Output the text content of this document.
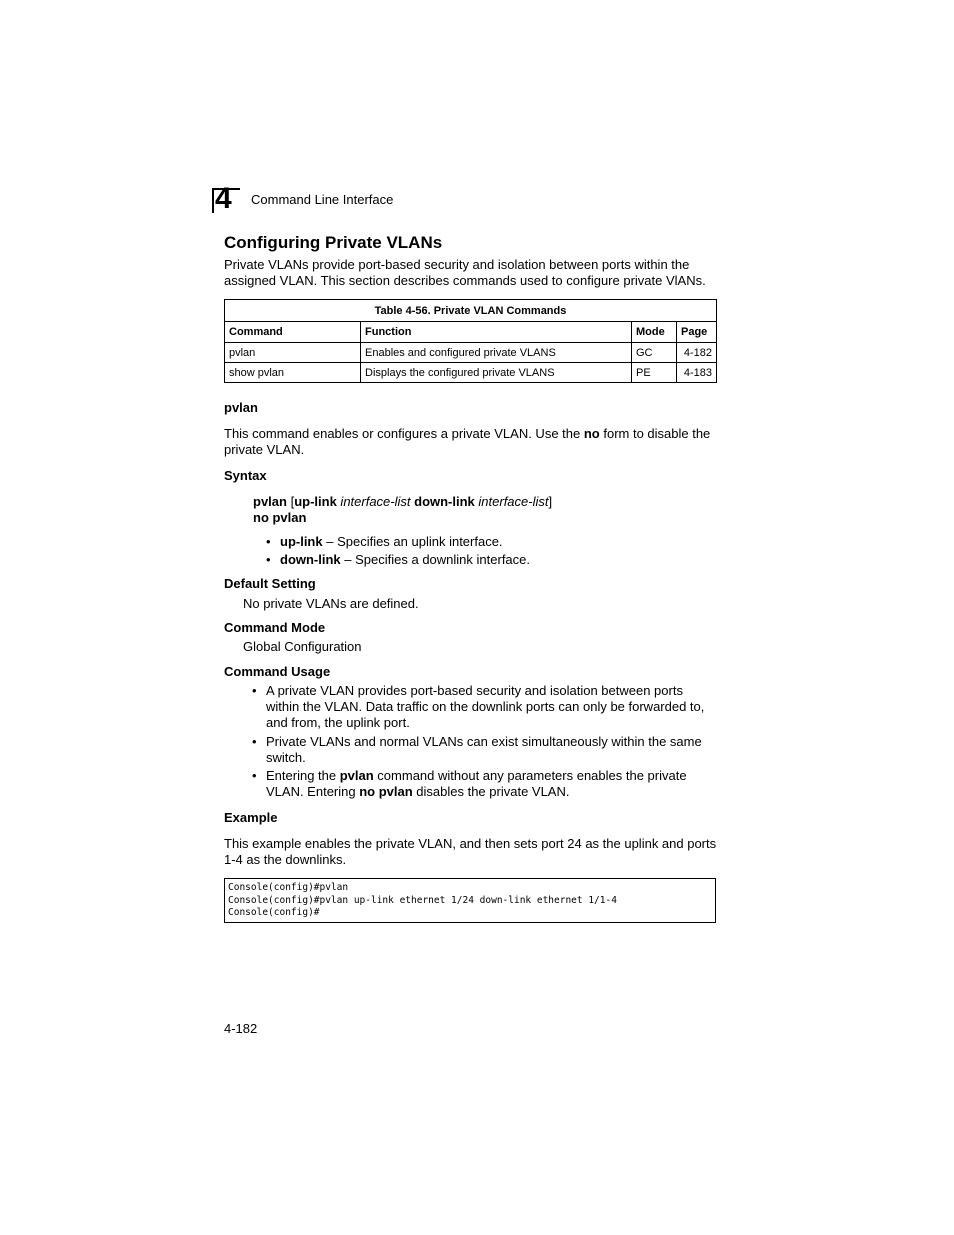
4 Command Line Interface
Configuring Private VLANs
Private VLANs provide port-based security and isolation between ports within the assigned VLAN. This section describes commands used to configure private VlANs.
Table 4-56. Private VLAN Commands			
Command	Function	Mode	Page
pvlan	Enables and configured private VLANS	GC	4-182
show pvlan	Displays the configured private VLANS	PE	4-183
pvlan
This command enables or configures a private VLAN. Use the no form to disable the private VLAN.
Syntax
pvlan [up-link interface-list down-link interface-list]
no pvlan
• up-link – Specifies an uplink interface.
• down-link – Specifies a downlink interface.
Default Setting
No private VLANs are defined.
Command Mode
Global Configuration
Command Usage
• A private VLAN provides port-based security and isolation between ports within the VLAN. Data traffic on the downlink ports can only be forwarded to, and from, the uplink port.
• Private VLANs and normal VLANs can exist simultaneously within the same switch.
• Entering the pvlan command without any parameters enables the private VLAN. Entering no pvlan disables the private VLAN.
Example
This example enables the private VLAN, and then sets port 24 as the uplink and ports 1-4 as the downlinks.
Console(config)#pvlan
Console(config)#pvlan up-link ethernet 1/24 down-link ethernet 1/1-4
Console(config)#
4-182
